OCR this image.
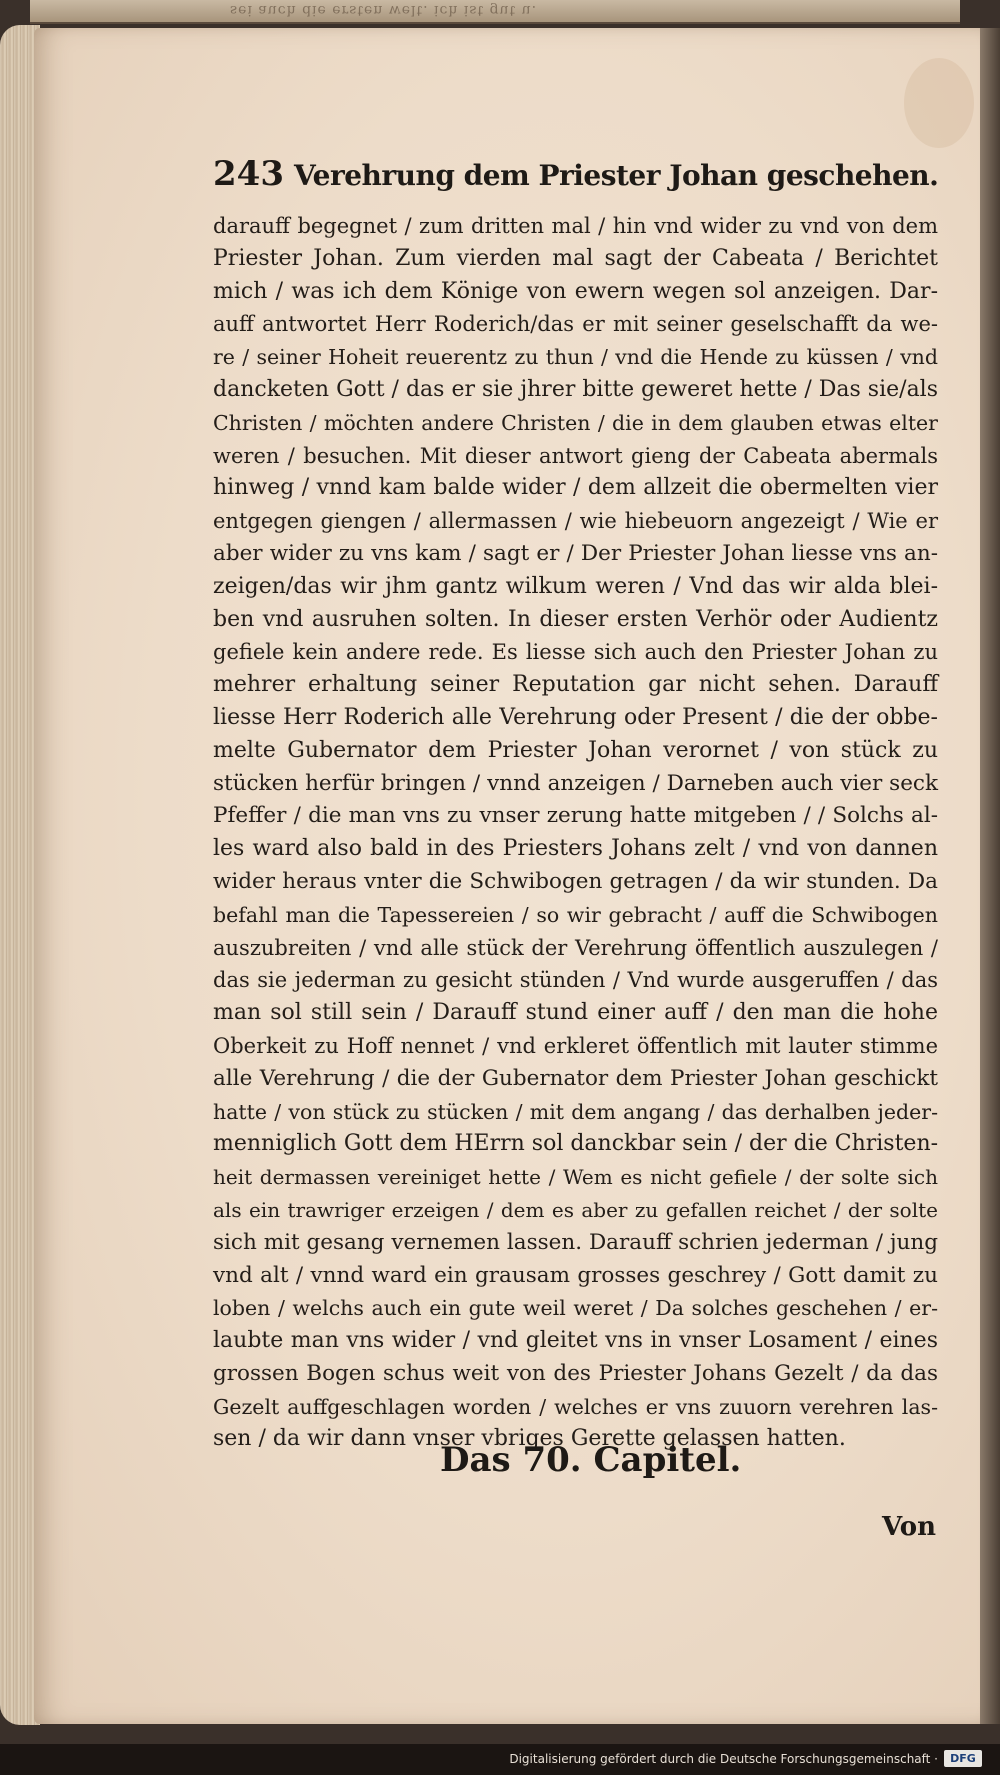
sei auch die ersten welt. ich ist gut u.
243 Verehrung dem Priester Johan geschehen.
darauff begegnet / zum dritten mal / hin vnd wider zu vnd von dem
Priester Johan. Zum vierden mal sagt der Cabeata / Berichtet
mich / was ich dem Könige von ewern wegen sol anzeigen. Dar-
auff antwortet Herr Roderich/das er mit seiner geselschafft da we-
re / seiner Hoheit reuerentz zu thun / vnd die Hende zu küssen / vnd
dancketen Gott / das er sie jhrer bitte geweret hette / Das sie/als
Christen / möchten andere Christen / die in dem glauben etwas elter
weren / besuchen. Mit dieser antwort gieng der Cabeata abermals
hinweg / vnnd kam balde wider / dem allzeit die obermelten vier
entgegen giengen / allermassen / wie hiebeuorn angezeigt / Wie er
aber wider zu vns kam / sagt er / Der Priester Johan liesse vns an-
zeigen/das wir jhm gantz wilkum weren / Vnd das wir alda blei-
ben vnd ausruhen solten. In dieser ersten Verhör oder Audientz
gefiele kein andere rede. Es liesse sich auch den Priester Johan zu
mehrer erhaltung seiner Reputation gar nicht sehen. Darauff
liesse Herr Roderich alle Verehrung oder Present / die der obbe-
melte Gubernator dem Priester Johan verornet / von stück zu
stücken herfür bringen / vnnd anzeigen / Darneben auch vier seck
Pfeffer / die man vns zu vnser zerung hatte mitgeben / / Solchs al-
les ward also bald in des Priesters Johans zelt / vnd von dannen
wider heraus vnter die Schwibogen getragen / da wir stunden. Da
befahl man die Tapessereien / so wir gebracht / auff die Schwibogen
auszubreiten / vnd alle stück der Verehrung öffentlich auszulegen /
das sie jederman zu gesicht stünden / Vnd wurde ausgeruffen / das
man sol still sein / Darauff stund einer auff / den man die hohe
Oberkeit zu Hoff nennet / vnd erkleret öffentlich mit lauter stimme
alle Verehrung / die der Gubernator dem Priester Johan geschickt
hatte / von stück zu stücken / mit dem angang / das derhalben jeder-
menniglich Gott dem HErrn sol danckbar sein / der die Christen-
heit dermassen vereiniget hette / Wem es nicht gefiele / der solte sich
als ein trawriger erzeigen / dem es aber zu gefallen reichet / der solte
sich mit gesang vernemen lassen. Darauff schrien jederman / jung
vnd alt / vnnd ward ein grausam grosses geschrey / Gott damit zu
loben / welchs auch ein gute weil weret / Da solches geschehen / er-
laubte man vns wider / vnd gleitet vns in vnser Losament / eines
grossen Bogen schus weit von des Priester Johans Gezelt / da das
Gezelt auffgeschlagen worden / welches er vns zuuorn verehren las-
sen / da wir dann vnser vbriges Gerette gelassen hatten.
Das 70. Capitel.
Von
Digitalisierung gefördert durch die Deutsche Forschungsgemeinschaft ·	DFG
